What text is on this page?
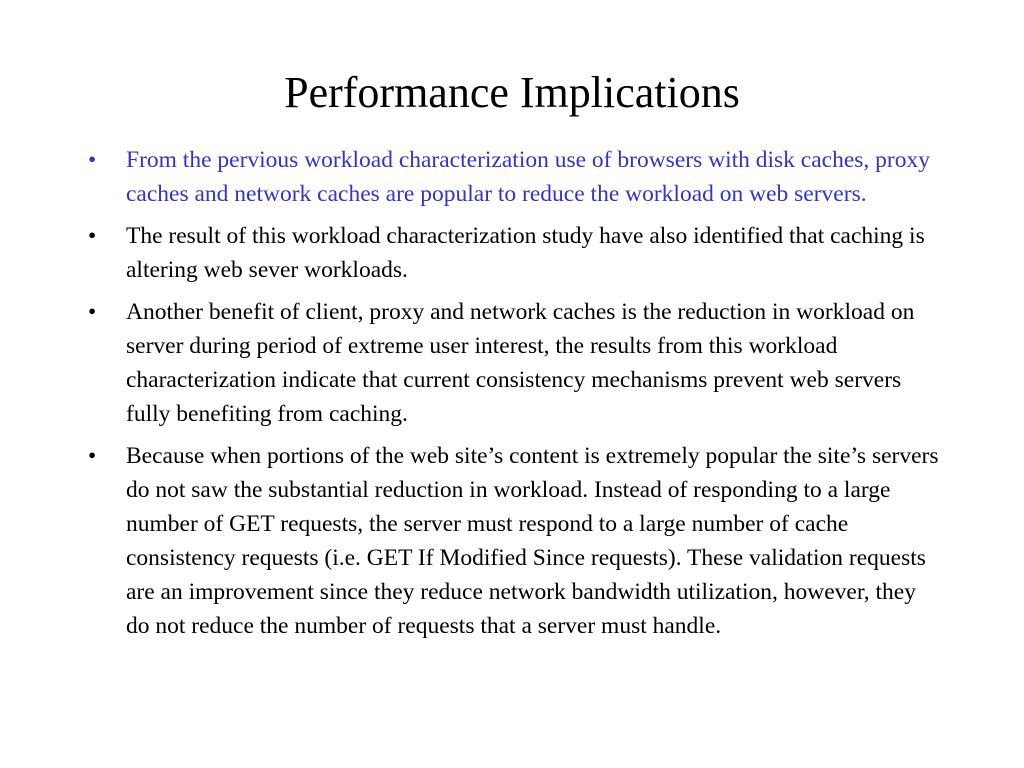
Performance Implications
• From the pervious workload characterization use of browsers with disk caches, proxy caches and network caches are popular to reduce the workload on web servers.
• The result of this workload characterization study have also identified that caching is altering web sever workloads.
• Another benefit of client, proxy and network caches is the reduction in workload on server during period of extreme user interest, the results from this workload characterization indicate that current consistency mechanisms prevent web servers fully benefiting from caching.
• Because when portions of the web site’s content is extremely popular the site’s servers do not saw the substantial reduction in workload. Instead of responding to a large number of GET requests, the server must respond to a large number of cache consistency requests (i.e. GET If Modified Since requests). These validation requests are an improvement since they reduce network bandwidth utilization, however, they do not reduce the number of requests that a server must handle.
